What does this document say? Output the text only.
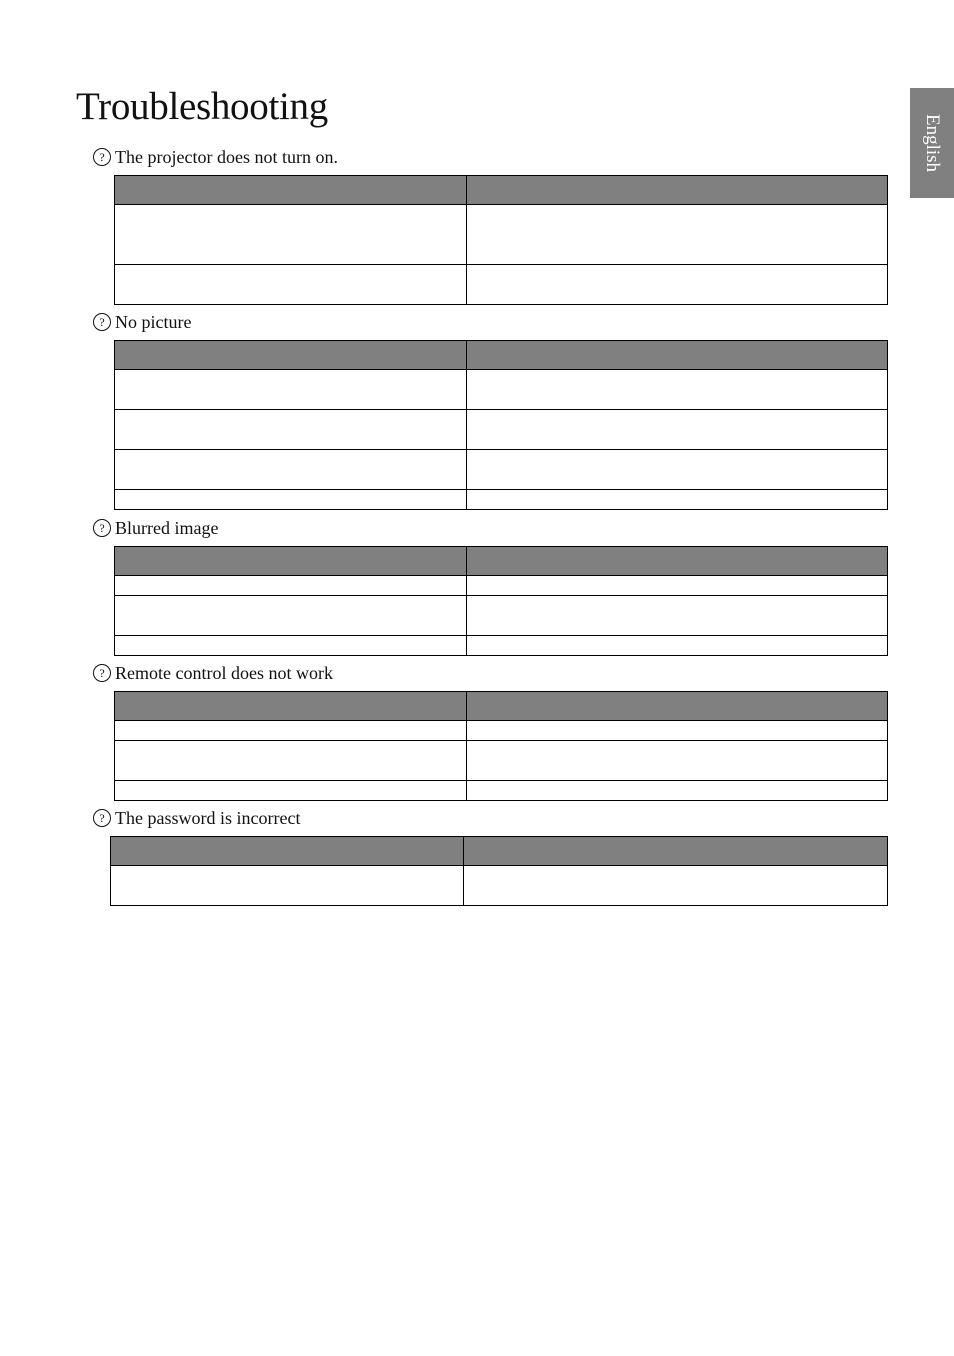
Troubleshooting
English
? The projector does not turn on.

? No picture

? Blurred image

? Remote control does not work

? The password is incorrect
